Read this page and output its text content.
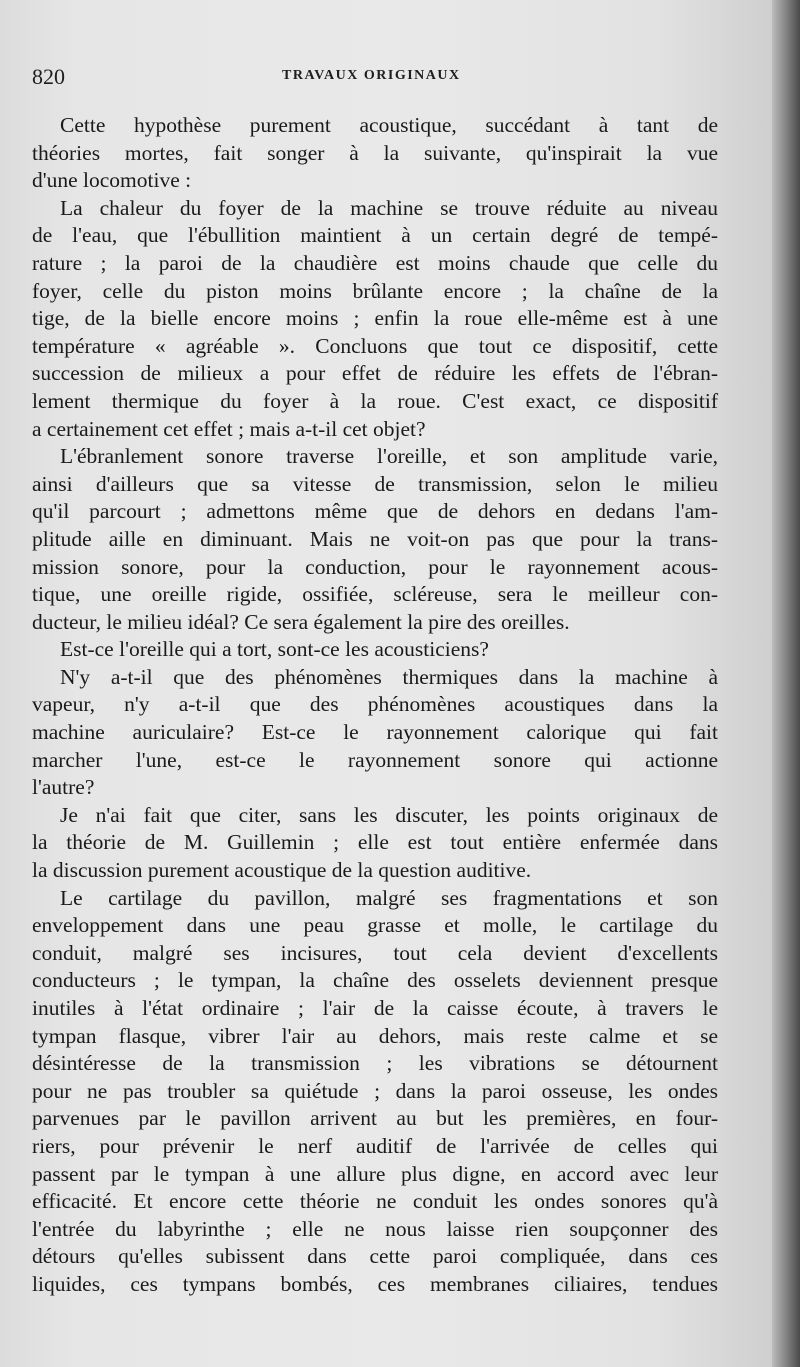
820	TRAVAUX ORIGINAUX
Cette hypothèse purement acoustique, succédant à tant de
théories mortes, fait songer à la suivante, qu'inspirait la vue
d'une locomotive :
La chaleur du foyer de la machine se trouve réduite au niveau
de l'eau, que l'ébullition maintient à un certain degré de tempé-
rature ; la paroi de la chaudière est moins chaude que celle du
foyer, celle du piston moins brûlante encore ; la chaîne de la
tige, de la bielle encore moins ; enfin la roue elle-même est à une
température « agréable ». Concluons que tout ce dispositif, cette
succession de milieux a pour effet de réduire les effets de l'ébran-
lement thermique du foyer à la roue. C'est exact, ce dispositif
a certainement cet effet ; mais a-t-il cet objet?
L'ébranlement sonore traverse l'oreille, et son amplitude varie,
ainsi d'ailleurs que sa vitesse de transmission, selon le milieu
qu'il parcourt ; admettons même que de dehors en dedans l'am-
plitude aille en diminuant. Mais ne voit-on pas que pour la trans-
mission sonore, pour la conduction, pour le rayonnement acous-
tique, une oreille rigide, ossifiée, scléreuse, sera le meilleur con-
ducteur, le milieu idéal? Ce sera également la pire des oreilles.
Est-ce l'oreille qui a tort, sont-ce les acousticiens?
N'y a-t-il que des phénomènes thermiques dans la machine à
vapeur, n'y a-t-il que des phénomènes acoustiques dans la
machine auriculaire? Est-ce le rayonnement calorique qui fait
marcher l'une, est-ce le rayonnement sonore qui actionne
l'autre?
Je n'ai fait que citer, sans les discuter, les points originaux de
la théorie de M. Guillemin ; elle est tout entière enfermée dans
la discussion purement acoustique de la question auditive.
Le cartilage du pavillon, malgré ses fragmentations et son
enveloppement dans une peau grasse et molle, le cartilage du
conduit, malgré ses incisures, tout cela devient d'excellents
conducteurs ; le tympan, la chaîne des osselets deviennent presque
inutiles à l'état ordinaire ; l'air de la caisse écoute, à travers le
tympan flasque, vibrer l'air au dehors, mais reste calme et se
désintéresse de la transmission ; les vibrations se détournent
pour ne pas troubler sa quiétude ; dans la paroi osseuse, les ondes
parvenues par le pavillon arrivent au but les premières, en four-
riers, pour prévenir le nerf auditif de l'arrivée de celles qui
passent par le tympan à une allure plus digne, en accord avec leur
efficacité. Et encore cette théorie ne conduit les ondes sonores qu'à
l'entrée du labyrinthe ; elle ne nous laisse rien soupçonner des
détours qu'elles subissent dans cette paroi compliquée, dans ces
liquides, ces tympans bombés, ces membranes ciliaires, tendues
